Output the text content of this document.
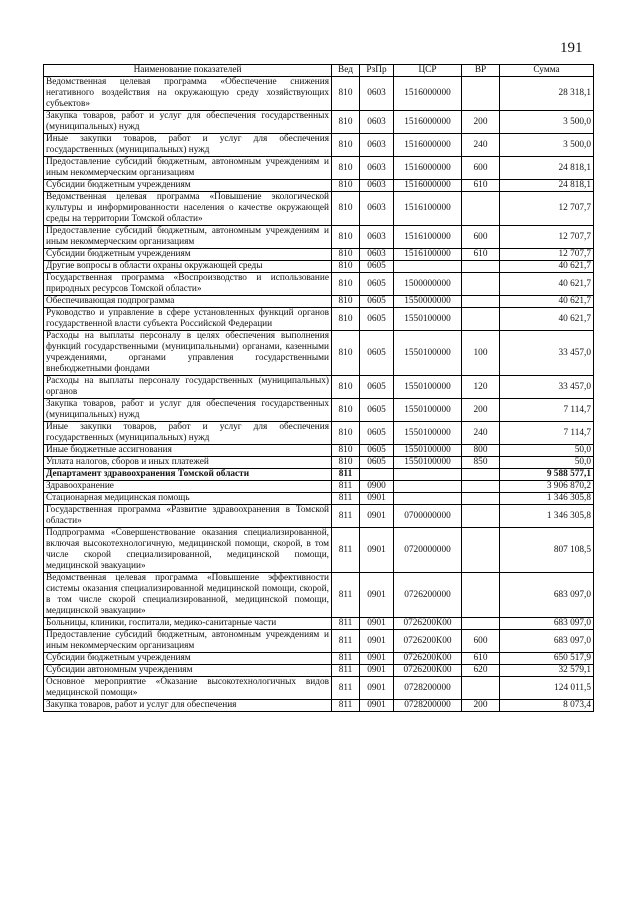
191
Наименование показателей	Вед	РзПр	ЦСР	ВР	Сумма
Ведомственная целевая программа «Обеспечение снижения негативного воздействия на окружающую среду хозяйствующих субъектов»	810	0603	1516000000		28 318,1
Закупка товаров, работ и услуг для обеспечения государственных (муниципальных) нужд	810	0603	1516000000	200	3 500,0
Иные закупки товаров, работ и услуг для обеспечения государственных (муниципальных) нужд	810	0603	1516000000	240	3 500,0
Предоставление субсидий бюджетным, автономным учреждениям и иным некоммерческим организациям	810	0603	1516000000	600	24 818,1
Субсидии бюджетным учреждениям	810	0603	1516000000	610	24 818,1
Ведомственная целевая программа «Повышение экологической культуры и информированности населения о качестве окружающей среды на территории Томской области»	810	0603	1516100000		12 707,7
Предоставление субсидий бюджетным, автономным учреждениям и иным некоммерческим организациям	810	0603	1516100000	600	12 707,7
Субсидии бюджетным учреждениям	810	0603	1516100000	610	12 707,7
Другие вопросы в области охраны окружающей среды	810	0605			40 621,7
Государственная программа «Воспроизводство и использование природных ресурсов Томской области»	810	0605	1500000000		40 621,7
Обеспечивающая подпрограмма	810	0605	1550000000		40 621,7
Руководство и управление в сфере установленных функций органов государственной власти субъекта Российской Федерации	810	0605	1550100000		40 621,7
Расходы на выплаты персоналу в целях обеспечения выполнения функций государственными (муниципальными) органами, казенными учреждениями, органами управления государственными внебюджетными фондами	810	0605	1550100000	100	33 457,0
Расходы на выплаты персоналу государственных (муниципальных) органов	810	0605	1550100000	120	33 457,0
Закупка товаров, работ и услуг для обеспечения государственных (муниципальных) нужд	810	0605	1550100000	200	7 114,7
Иные закупки товаров, работ и услуг для обеспечения государственных (муниципальных) нужд	810	0605	1550100000	240	7 114,7
Иные бюджетные ассигнования	810	0605	1550100000	800	50,0
Уплата налогов, сборов и иных платежей	810	0605	1550100000	850	50,0
Департамент здравоохранения Томской области	811				9 588 577,1
Здравоохранение	811	0900			3 906 870,2
Стационарная медицинская помощь	811	0901			1 346 305,8
Государственная программа «Развитие здравоохранения в Томской области»	811	0901	0700000000		1 346 305,8
Подпрограмма «Совершенствование оказания специализированной, включая высокотехнологичную, медицинской помощи, скорой, в том числе скорой специализированной, медицинской помощи, медицинской эвакуации»	811	0901	0720000000		807 108,5
Ведомственная целевая программа «Повышение эффективности системы оказания специализированной медицинской помощи, скорой, в том числе скорой специализированной, медицинской помощи, медицинской эвакуации»	811	0901	0726200000		683 097,0
Больницы, клиники, госпитали, медико-санитарные части	811	0901	0726200К00		683 097,0
Предоставление субсидий бюджетным, автономным учреждениям и иным некоммерческим организациям	811	0901	0726200К00	600	683 097,0
Субсидии бюджетным учреждениям	811	0901	0726200К00	610	650 517,9
Субсидии автономным учреждениям	811	0901	0726200К00	620	32 579,1
Основное мероприятие «Оказание высокотехнологичных видов медицинской помощи»	811	0901	0728200000		124 011,5
Закупка товаров, работ и услуг для обеспечения	811	0901	0728200000	200	8 073,4
